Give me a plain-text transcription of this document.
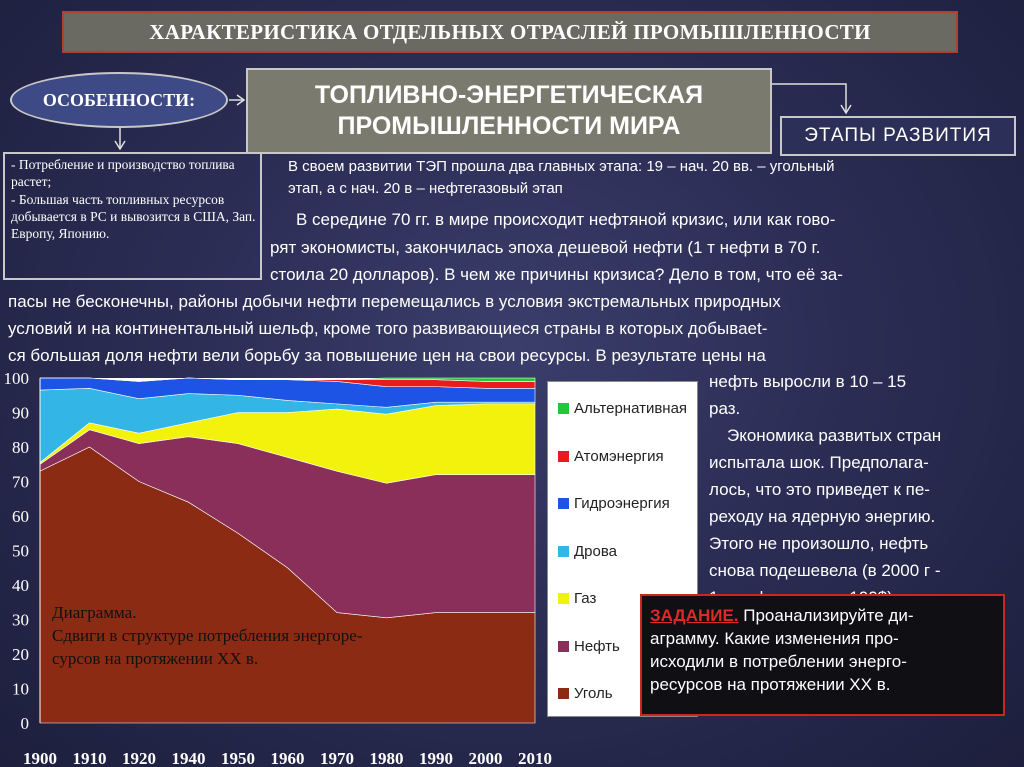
ХАРАКТЕРИСТИКА ОТДЕЛЬНЫХ ОТРАСЛЕЙ ПРОМЫШЛЕННОСТИ
ОСОБЕННОСТИ:	ТОПЛИВНО-ЭНЕРГЕТИЧЕСКАЯ
ПРОМЫШЛЕННОСТИ МИРА	ЭТАПЫ РАЗВИТИЯ

- Потребление и производство топлива растет;

- Большая часть топливных ресурсов добывается в РС и вывозится в США, Зап. Европу, Японию.

В своем развитии ТЭП прошла два главных этапа: 19 – нач. 20 вв. – угольный
этап, а с нач. 20 в – нефтегазовый этап
В середине 70 гг. в мире происходит нефтяной кризис, или как гово-
рят экономисты, закончилась эпоха дешевой нефти (1 т нефти в 70 г.
стоила 20 долларов). В чем же причины кризиса? Дело в том, что её за-
пасы не бесконечны, районы добычи нефти перемещались в условия экстремальных природных
условий и на континентальный шельф, кроме того развивающиеся страны в которых добываеt-
ся большая доля нефти вели борьбу за повышение цен на свои ресурсы. В результате цены на
нефть выросли в 10 – 15
раз.
Экономика развитых стран
испытала шок. Предполага-
лось, что это приведет к пе-
реходу на ядерную энергию.
Этого не произошло, нефть
снова подешевела (в 2000 г -
0
10
20
30
40
50
60
70
80
90
100
1900 1910 1920 1940 1950 1960 1970 1980 1990 2000 2010
Диаграмма.
Сдвиги в структуре потребления энергоре-
сурсов на протяжении ХХ в.
Альтернативная
Атомэнергия
Гидроэнергия
Дрова
Газ
Нефть
Уголь
ЗАДАНИЕ. Проанализируйте ди-
аграмму. Какие изменения про-
исходили в потреблении энерго-
ресурсов на протяжении ХХ в.
